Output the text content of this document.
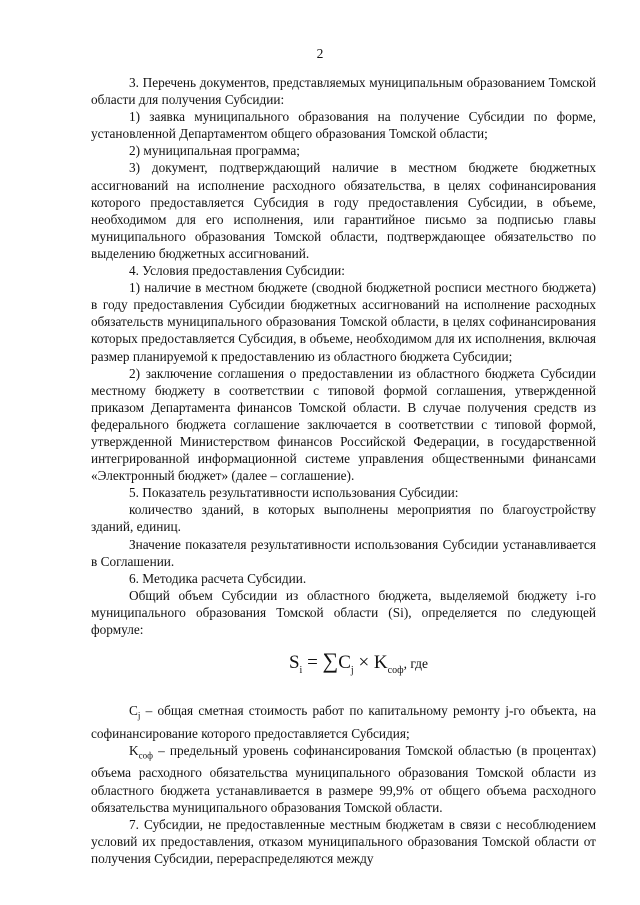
2

3. Перечень документов, представляемых муниципальным образованием Томской области для получения Субсидии:

1) заявка муниципального образования на получение Субсидии по форме, установленной Департаментом общего образования Томской области;

2) муниципальная программа;

3) документ, подтверждающий наличие в местном бюджете бюджетных ассигнований на исполнение расходного обязательства, в целях софинансирования которого предоставляется Субсидия в году предоставления Субсидии, в объеме, необходимом для его исполнения, или гарантийное письмо за подписью главы муниципального образования Томской области, подтверждающее обязательство по выделению бюджетных ассигнований.

4. Условия предоставления Субсидии:

1) наличие в местном бюджете (сводной бюджетной росписи местного бюджета) в году предоставления Субсидии бюджетных ассигнований на исполнение расходных обязательств муниципального образования Томской области, в целях софинансирования которых предоставляется Субсидия, в объеме, необходимом для их исполнения, включая размер планируемой к предоставлению из областного бюджета Субсидии;

2) заключение соглашения о предоставлении из областного бюджета Субсидии местному бюджету в соответствии с типовой формой соглашения, утвержденной приказом Департамента финансов Томской области. В случае получения средств из федерального бюджета соглашение заключается в соответствии с типовой формой, утвержденной Министерством финансов Российской Федерации, в государственной интегрированной информационной системе управления общественными финансами «Электронный бюджет» (далее – соглашение).

5. Показатель результативности использования Субсидии:

количество зданий, в которых выполнены мероприятия по благоустройству зданий, единиц.

Значение показателя результативности использования Субсидии устанавливается в Соглашении.

6. Методика расчета Субсидии.

Общий объем Субсидии из областного бюджета, выделяемой бюджету i-го муниципального образования Томской области (Si), определяется по следующей формуле:

$S_i = \sum C_j \times K_{соф}$, где

$C_j$ – общая сметная стоимость работ по капитальному ремонту j-го объекта, на софинансирование которого предоставляется Субсидия;

$K_{соф}$ – предельный уровень софинансирования Томской областью (в процентах) объема расходного обязательства муниципального образования Томской области из областного бюджета устанавливается в размере 99,9% от общего объема расходного обязательства муниципального образования Томской области.

7. Субсидии, не предоставленные местным бюджетам в связи с несоблюдением условий их предоставления, отказом муниципального образования Томской области от получения Субсидии, перераспределяются между
